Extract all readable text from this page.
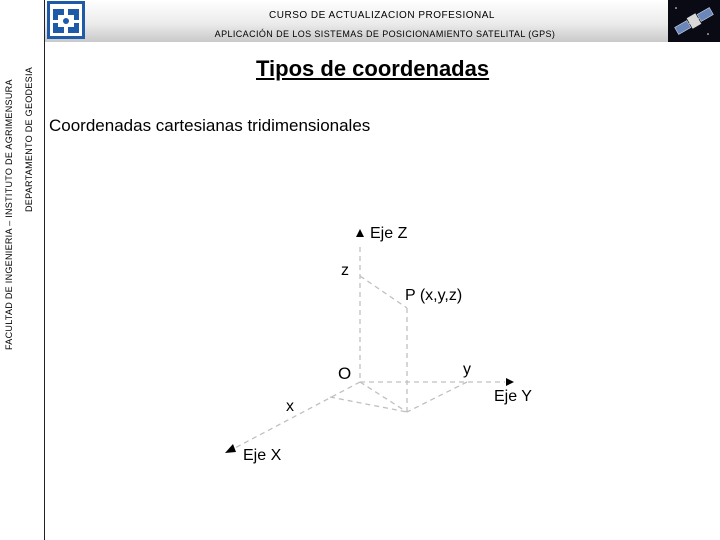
CURSO DE ACTUALIZACION PROFESIONAL
APLICACIÓN DE LOS SISTEMAS DE POSICIONAMIENTO SATELITAL (GPS)
FACULTAD DE INGENIERIA – INSTITUTO DE AGRIMENSURA DEPARTAMENTO DE GEODESIA	Tipos de coordenadas
Coordenadas cartesianas tridimensionales
Eje Z
z
P (x,y,z)
O	y
Eje Y
x
Eje X
